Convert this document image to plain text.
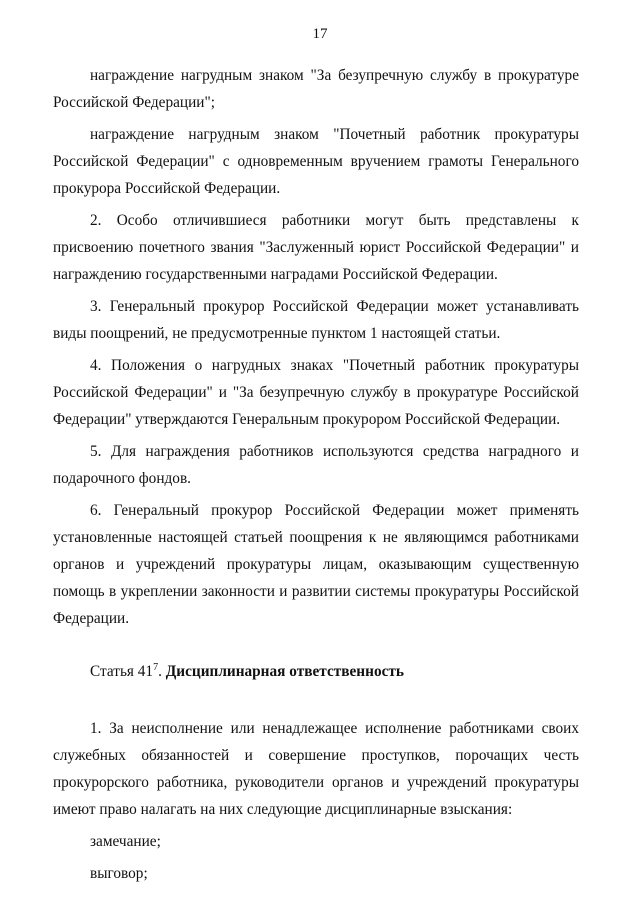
17

награждение нагрудным знаком "За безупречную службу в прокуратуре Российской Федерации";

награждение нагрудным знаком "Почетный работник прокуратуры Российской Федерации" с одновременным вручением грамоты Генерального прокурора Российской Федерации.

2. Особо отличившиеся работники могут быть представлены к присвоению почетного звания "Заслуженный юрист Российской Федерации" и награждению государственными наградами Российской Федерации.

3. Генеральный прокурор Российской Федерации может устанавливать виды поощрений, не предусмотренные пунктом 1 настоящей статьи.

4. Положения о нагрудных знаках "Почетный работник прокуратуры Российской Федерации" и "За безупречную службу в прокуратуре Российской Федерации" утверждаются Генеральным прокурором Российской Федерации.

5. Для награждения работников используются средства наградного и подарочного фондов.

6. Генеральный прокурор Российской Федерации может применять установленные настоящей статьей поощрения к не являющимся работниками органов и учреждений прокуратуры лицам, оказывающим существенную помощь в укреплении законности и развитии системы прокуратуры Российской Федерации.

Статья $41^7$. Дисциплинарная ответственность

1. За неисполнение или ненадлежащее исполнение работниками своих служебных обязанностей и совершение проступков, порочащих честь прокурорского работника, руководители органов и учреждений прокуратуры имеют право налагать на них следующие дисциплинарные взыскания:

замечание;

выговор;
